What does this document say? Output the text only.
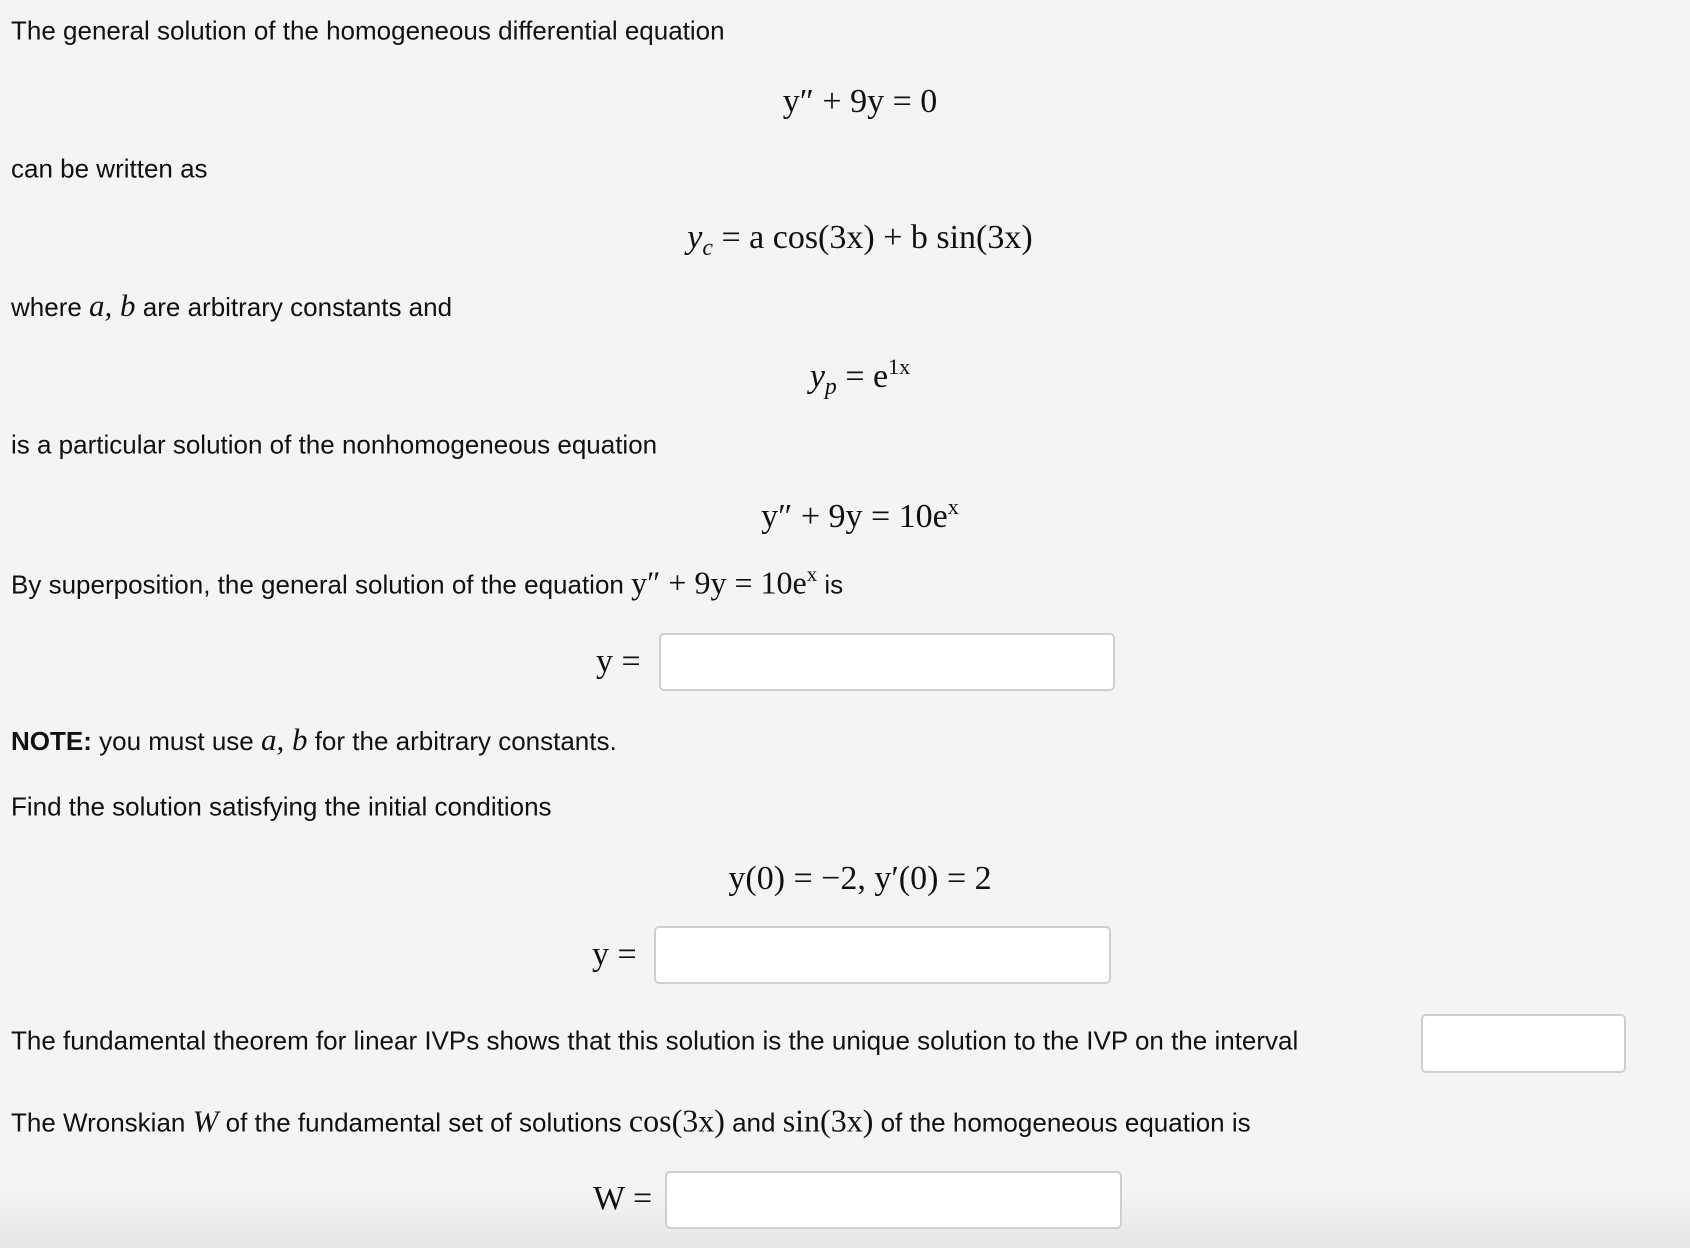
The general solution of the homogeneous differential equation
y″ + 9y = 0
can be written as
$y_c = a$ cos(3x) + b sin(3x)
where a, b are arbitrary constants and
$y_p = e^{1x}$
is a particular solution of the nonhomogeneous equation
$y'' + 9y = 10e^x$
By superposition, the general solution of the equation $y'' + 9y = 10e^x$ is
y =
NOTE: you must use a, b for the arbitrary constants.
Find the solution satisfying the initial conditions
y(0) = −2, y′(0) = 2
y =
The fundamental theorem for linear IVPs shows that this solution is the unique solution to the IVP on the interval
The Wronskian W of the fundamental set of solutions cos(3x) and sin(3x) of the homogeneous equation is
W =
